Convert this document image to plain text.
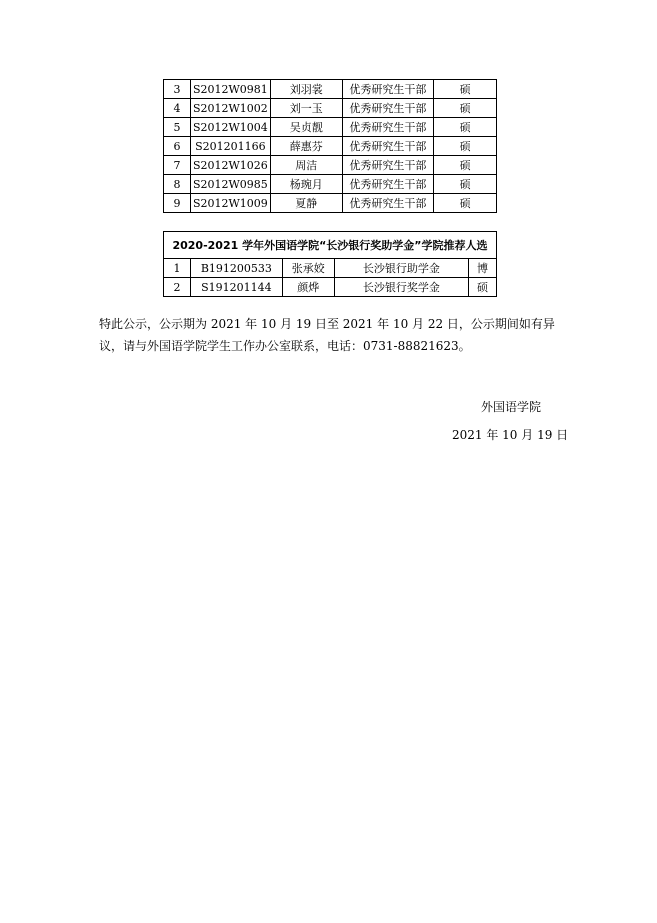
3	S2012W0981	刘羽裳	优秀研究生干部	硕
4	S2012W1002	刘一玉	优秀研究生干部	硕
5	S2012W1004	吴贞靓	优秀研究生干部	硕
6	S201201166	薛惠芬	优秀研究生干部	硕
7	S2012W1026	周洁	优秀研究生干部	硕
8	S2012W0985	杨琬月	优秀研究生干部	硕
9	S2012W1009	夏静	优秀研究生干部	硕
2020-2021 学年外国语学院“长沙银行奖助学金”学院推荐人选				
1	B191200533	张承姣	长沙银行助学金	博
2	S191201144	颜烨	长沙银行奖学金	硕

特此公示，公示期为 2021 年 10 月 19 日至 2021 年 10 月 22 日，公示期间如有异议，请与外国语学院学生工作办公室联系，电话：0731-88821623。

外国语学院

2021 年 10 月 19 日
